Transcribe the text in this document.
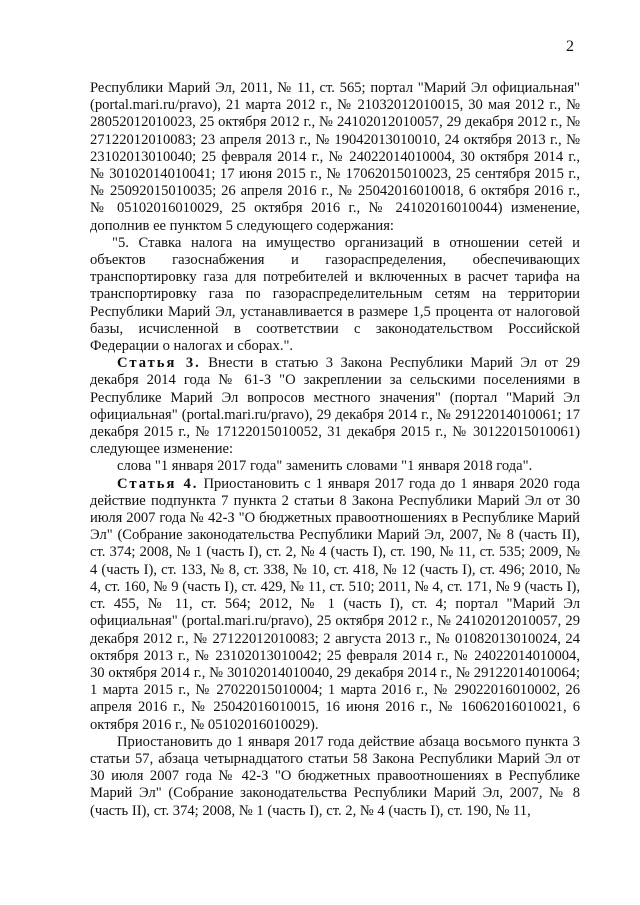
2

Республики Марий Эл, 2011, № 11, ст. 565; портал "Марий Эл официальная" (portal.mari.ru/pravo), 21 марта 2012 г., № 21032012010015, 30 мая 2012 г., № 28052012010023, 25 октября 2012 г., № 24102012010057, 29 декабря 2012 г., № 27122012010083; 23 апреля 2013 г., № 19042013010010, 24 октября 2013 г., № 23102013010040; 25 февраля 2014 г., № 24022014010004, 30 октября 2014 г., № 30102014010041; 17 июня 2015 г., № 17062015010023, 25 сентября 2015 г., № 25092015010035; 26 апреля 2016 г., № 25042016010018, 6 октября 2016 г., № 05102016010029, 25 октября 2016 г., № 24102016010044) изменение, дополнив ее пунктом 5 следующего содержания:

"5. Ставка налога на имущество организаций в отношении сетей и объектов газоснабжения и газораспределения, обеспечивающих транспортировку газа для потребителей и включенных в расчет тарифа на транспортировку газа по газораспределительным сетям на территории Республики Марий Эл, устанавливается в размере 1,5 процента от налоговой базы, исчисленной в соответствии с законодательством Российской Федерации о налогах и сборах.".

Статья 3. Внести в статью 3 Закона Республики Марий Эл от 29 декабря 2014 года № 61-З "О закреплении за сельскими поселениями в Республике Марий Эл вопросов местного значения" (портал "Марий Эл официальная" (portal.mari.ru/pravo), 29 декабря 2014 г., № 29122014010061; 17 декабря 2015 г., № 17122015010052, 31 декабря 2015 г., № 30122015010061) следующее изменение:

слова "1 января 2017 года" заменить словами "1 января 2018 года".

Статья 4. Приостановить с 1 января 2017 года до 1 января 2020 года действие подпункта 7 пункта 2 статьи 8 Закона Республики Марий Эл от 30 июля 2007 года № 42-З "О бюджетных правоотношениях в Республике Марий Эл" (Собрание законодательства Республики Марий Эл, 2007, № 8 (часть II), ст. 374; 2008, № 1 (часть I), ст. 2, № 4 (часть I), ст. 190, № 11, ст. 535; 2009, № 4 (часть I), ст. 133, № 8, ст. 338, № 10, ст. 418, № 12 (часть I), ст. 496; 2010, № 4, ст. 160, № 9 (часть I), ст. 429, № 11, ст. 510; 2011, № 4, ст. 171, № 9 (часть I), ст. 455, № 11, ст. 564; 2012, № 1 (часть I), ст. 4; портал "Марий Эл официальная" (portal.mari.ru/pravo), 25 октября 2012 г., № 24102012010057, 29 декабря 2012 г., № 27122012010083; 2 августа 2013 г., № 01082013010024, 24 октября 2013 г., № 23102013010042; 25 февраля 2014 г., № 24022014010004, 30 октября 2014 г., № 30102014010040, 29 декабря 2014 г., № 29122014010064; 1 марта 2015 г., № 27022015010004; 1 марта 2016 г., № 29022016010002, 26 апреля 2016 г., № 25042016010015, 16 июня 2016 г., № 16062016010021, 6 октября 2016 г., № 05102016010029).

Приостановить до 1 января 2017 года действие абзаца восьмого пункта 3 статьи 57, абзаца четырнадцатого статьи 58 Закона Республики Марий Эл от 30 июля 2007 года № 42-З "О бюджетных правоотношениях в Республике Марий Эл" (Собрание законодательства Республики Марий Эл, 2007, № 8 (часть II), ст. 374; 2008, № 1 (часть I), ст. 2, № 4 (часть I), ст. 190, № 11,
